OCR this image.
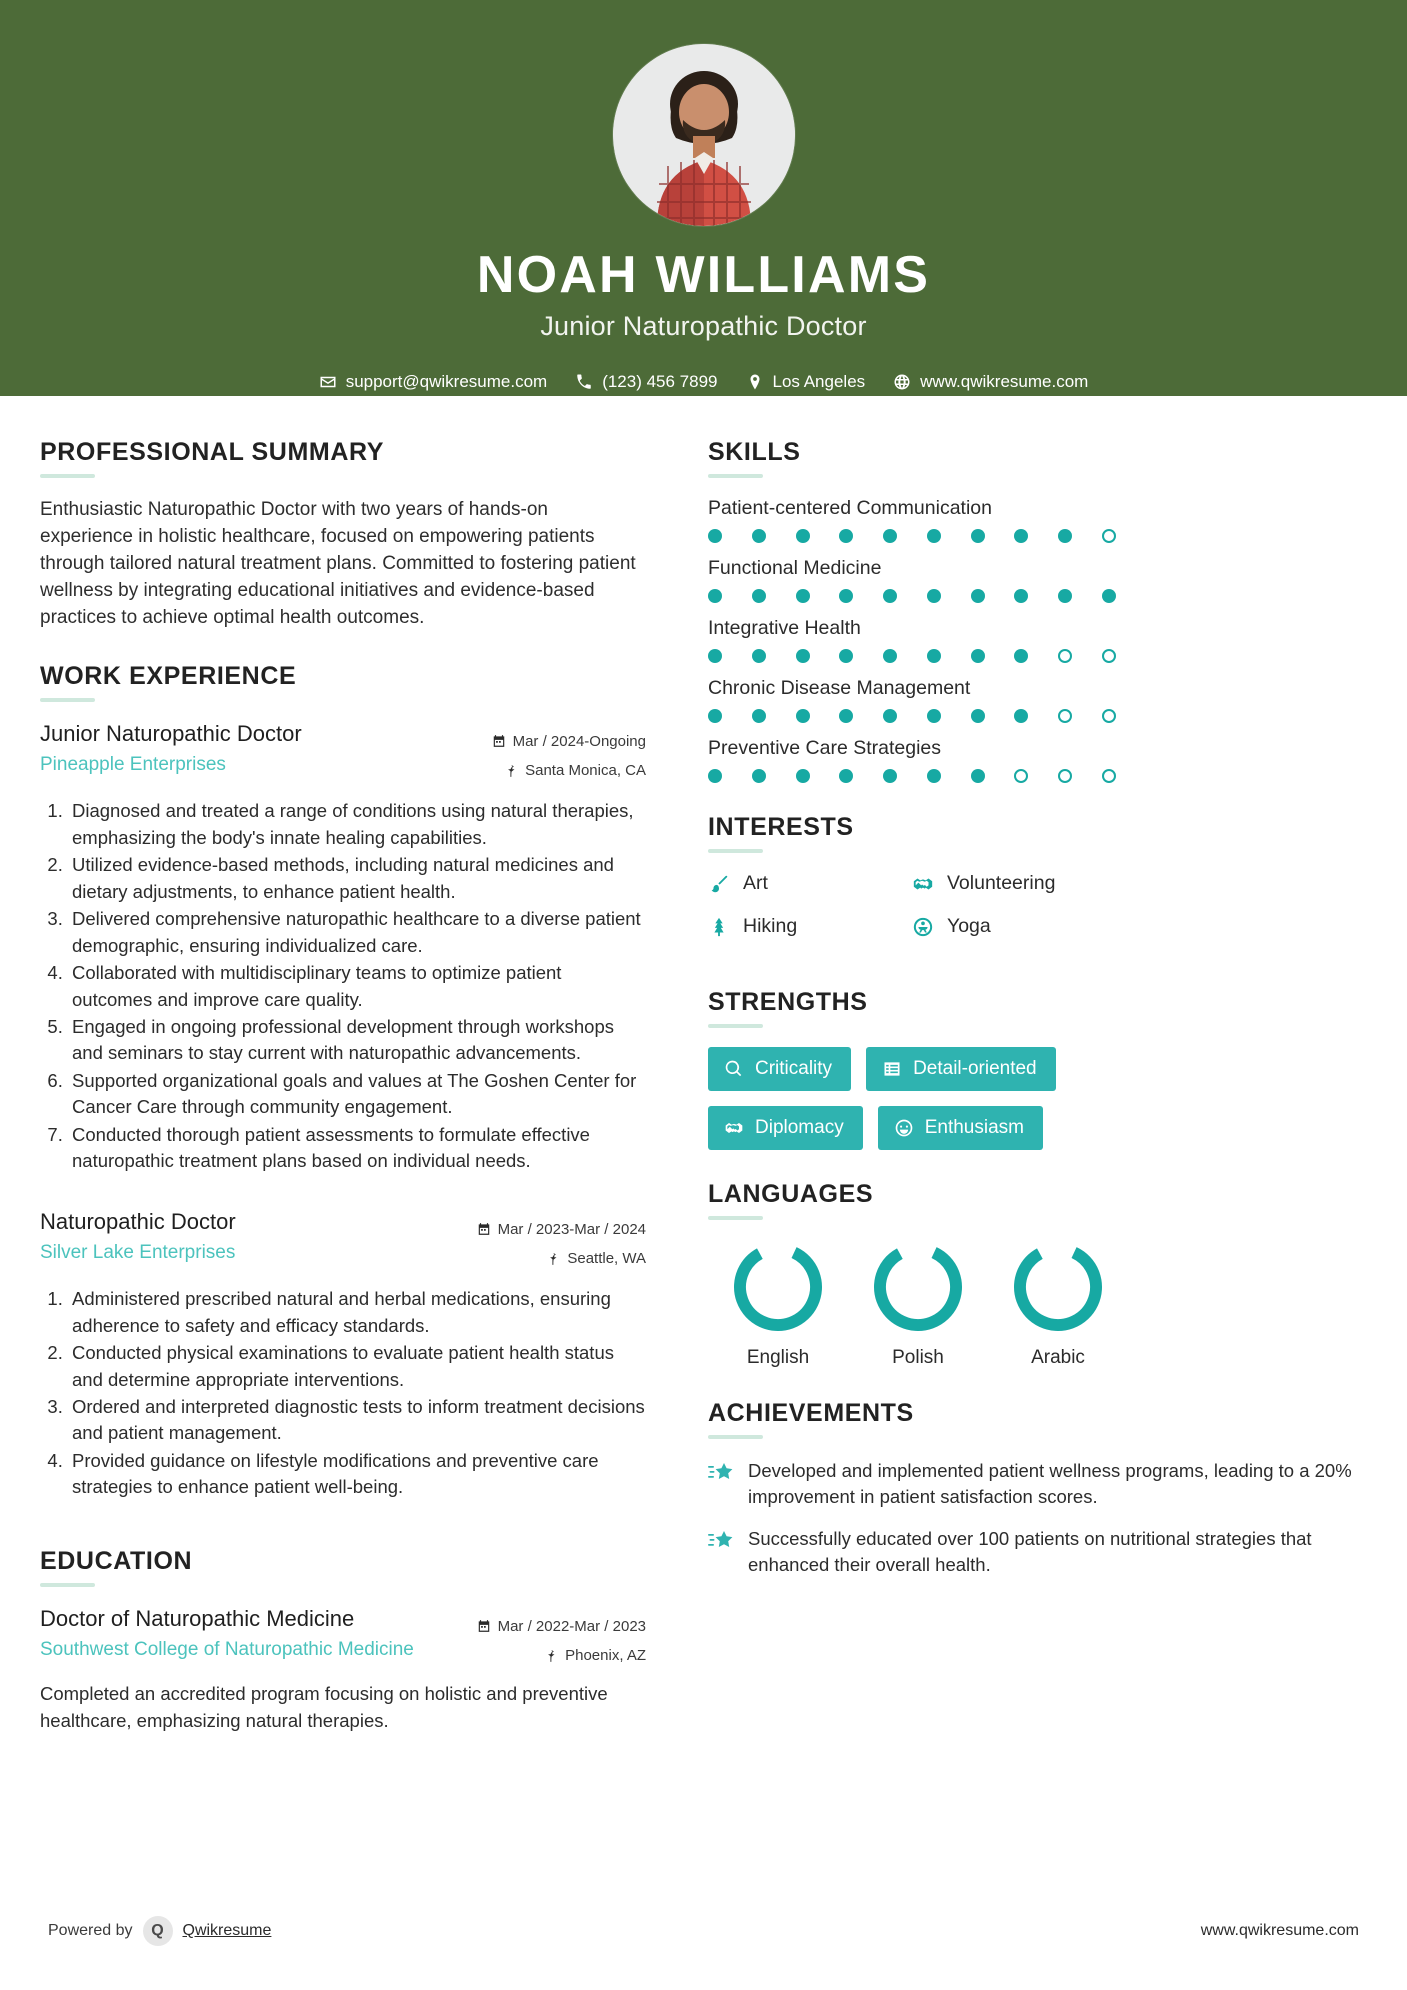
NOAH WILLIAMS
Junior Naturopathic Doctor
support@qwikresume.com	(123) 456 7899	Los Angeles	www.qwikresume.com
PROFESSIONAL SUMMARY

Enthusiastic Naturopathic Doctor with two years of hands-on experience in holistic healthcare, focused on empowering patients through tailored natural treatment plans. Committed to fostering patient wellness by integrating educational initiatives and evidence-based practices to achieve optimal health outcomes.

WORK EXPERIENCE
Junior Naturopathic Doctor
Pineapple Enterprises
Mar / 2024-Ongoing
Santa Monica, CA
1. Diagnosed and treated a range of conditions using natural therapies, emphasizing the body's innate healing capabilities.
2. Utilized evidence-based methods, including natural medicines and dietary adjustments, to enhance patient health.
3. Delivered comprehensive naturopathic healthcare to a diverse patient demographic, ensuring individualized care.
4. Collaborated with multidisciplinary teams to optimize patient outcomes and improve care quality.
5. Engaged in ongoing professional development through workshops and seminars to stay current with naturopathic advancements.
6. Supported organizational goals and values at The Goshen Center for Cancer Care through community engagement.
7. Conducted thorough patient assessments to formulate effective naturopathic treatment plans based on individual needs.
Naturopathic Doctor
Silver Lake Enterprises
Mar / 2023-Mar / 2024
Seattle, WA
1. Administered prescribed natural and herbal medications, ensuring adherence to safety and efficacy standards.
2. Conducted physical examinations to evaluate patient health status and determine appropriate interventions.
3. Ordered and interpreted diagnostic tests to inform treatment decisions and patient management.
4. Provided guidance on lifestyle modifications and preventive care strategies to enhance patient well-being.
EDUCATION
Doctor of Naturopathic Medicine
Southwest College of Naturopathic Medicine
Mar / 2022-Mar / 2023
Phoenix, AZ

Completed an accredited program focusing on holistic and preventive healthcare, emphasizing natural therapies.

SKILLS
Patient-centered Communication
Functional Medicine
Integrative Health
Chronic Disease Management
Preventive Care Strategies
INTERESTS
Art	Volunteering
Hiking	Yoga
STRENGTHS
Criticality	Detail-oriented
Diplomacy	Enthusiasm
LANGUAGES
English	Polish	Arabic
ACHIEVEMENTS
Developed and implemented patient wellness programs, leading to a 20% improvement in patient satisfaction scores.
Successfully educated over 100 patients on nutritional strategies that enhanced their overall health.
Powered by	Q	Qwikresume	www.qwikresume.com
